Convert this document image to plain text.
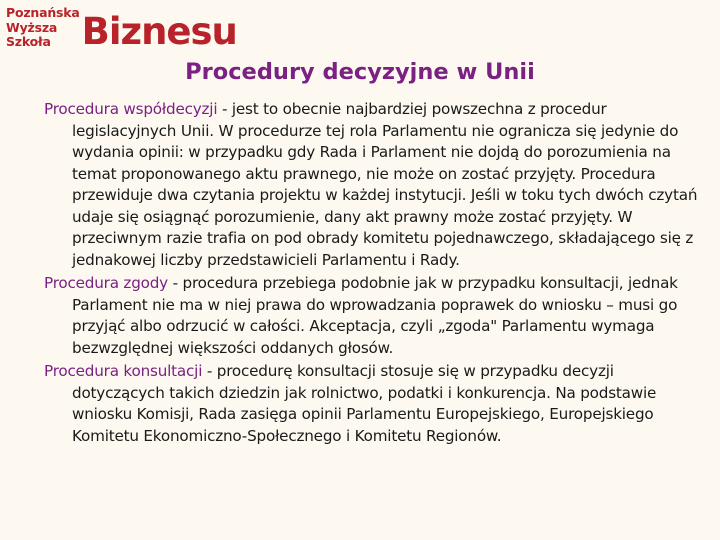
Poznańska
Wyższa
Szkoła Biznesu
Procedury decyzyjne w Unii

Procedura współdecyzji - jest to obecnie najbardziej powszechna z procedur legislacyjnych Unii. W procedurze tej rola Parlamentu nie ogranicza się jedynie do wydania opinii: w przypadku gdy Rada i Parlament nie dojdą do porozumienia na temat proponowanego aktu prawnego, nie może on zostać przyjęty. Procedura przewiduje dwa czytania projektu w każdej instytucji. Jeśli w toku tych dwóch czytań udaje się osiągnąć porozumienie, dany akt prawny może zostać przyjęty. W przeciwnym razie trafia on pod obrady komitetu pojednawczego, składającego się z jednakowej liczby przedstawicieli Parlamentu i Rady.

Procedura zgody - procedura przebiega podobnie jak w przypadku konsultacji, jednak Parlament nie ma w niej prawa do wprowadzania poprawek do wniosku – musi go przyjąć albo odrzucić w całości. Akceptacja, czyli „zgoda" Parlamentu wymaga bezwzględnej większości oddanych głosów.

Procedura konsultacji - procedurę konsultacji stosuje się w przypadku decyzji dotyczących takich dziedzin jak rolnictwo, podatki i konkurencja. Na podstawie wniosku Komisji, Rada zasięga opinii Parlamentu Europejskiego, Europejskiego Komitetu Ekonomiczno-Społecznego i Komitetu Regionów.
